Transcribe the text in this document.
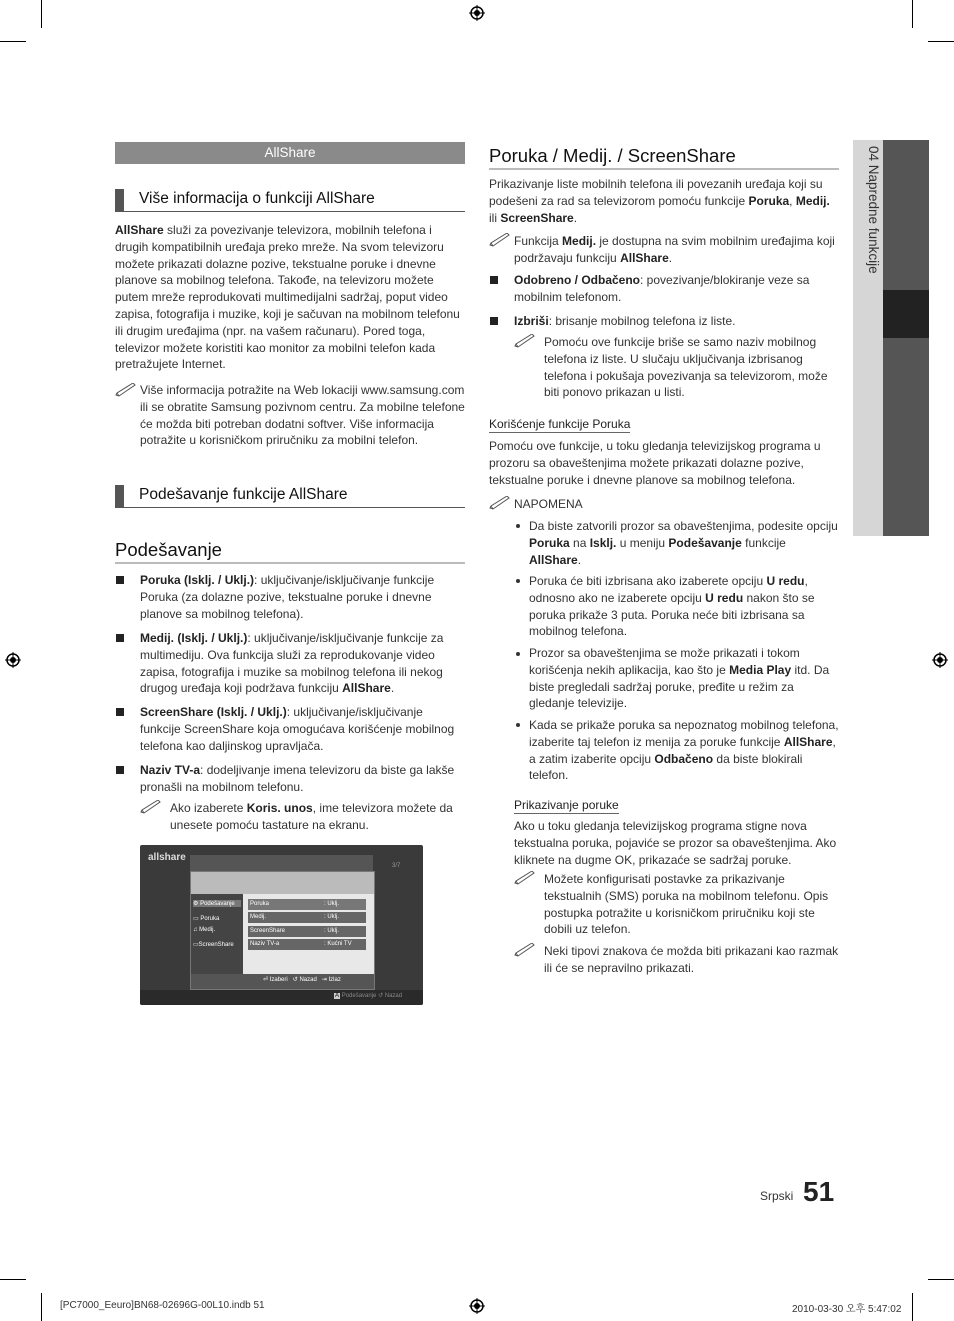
04 Napredne funkcije
AllShare
Više informacija o funkciji AllShare

AllShare služi za povezivanje televizora, mobilnih telefona i drugih kompatibilnih uređaja preko mreže. Na svom televizoru možete prikazati dolazne pozive, tekstualne poruke i dnevne planove sa mobilnog telefona. Takođe, na televizoru možete putem mreže reprodukovati multimedijalni sadržaj, poput video zapisa, fotografija i muzike, koji je sačuvan na mobilnom telefonu ili drugim uređajima (npr. na vašem računaru). Pored toga, televizor možete koristiti kao monitor za mobilni telefon kada pretražujete Internet.

Više informacija potražite na Web lokaciji www.samsung.com ili se obratite Samsung pozivnom centru. Za mobilne telefone će možda biti potreban dodatni softver. Više informacija potražite u korisničkom priručniku za mobilni telefon.

Podešavanje funkcije AllShare
Podešavanje

Poruka (Isklj. / Uklj.): uključivanje/isključivanje funkcije Poruka (za dolazne pozive, tekstualne poruke i dnevne planove sa mobilnog telefona).

Medij. (Isklj. / Uklj.): uključivanje/isključivanje funkcije za multimediju. Ova funkcija služi za reprodukovanje video zapisa, fotografija i muzike sa mobilnog telefona ili nekog drugog uređaja koji podržava funkciju AllShare.

ScreenShare (Isklj. / Uklj.): uključivanje/isključivanje funkcije ScreenShare koja omogućava korišćenje mobilnog telefona kao daljinskog upravljača.

Naziv TV-a: dodeljivanje imena televizoru da biste ga lakše pronašli na mobilnom telefonu.

Ako izaberete Koris. unos, ime televizora možete da unesete pomoću tastature na ekranu.

allshare
3/7
⚙ Podešavanje
▭ Poruka
♫ Medij.
▭ScreenShare
⏎ Izaberi ↺ Nazad ⇥ Izlaz
Poruka	: Uklj.
Medij.	: Uklj.
ScreenShare	: Uklj.
Naziv TV-a	: Kućni TV
A Podešavanje ↺ Nazad
Poruka / Medij. / ScreenShare

Prikazivanje liste mobilnih telefona ili povezanih uređaja koji su podešeni za rad sa televizorom pomoću funkcije Poruka, Medij. ili ScreenShare.

Funkcija Medij. je dostupna na svim mobilnim uređajima koji podržavaju funkciju AllShare.

Odobreno / Odbačeno: povezivanje/blokiranje veze sa mobilnim telefonom.

Izbriši: brisanje mobilnog telefona iz liste.

Pomoću ove funkcije briše se samo naziv mobilnog telefona iz liste. U slučaju uključivanja izbrisanog telefona i pokušaja povezivanja sa televizorom, može biti ponovo prikazan u listi.

Korišćenje funkcije Poruka

Pomoću ove funkcije, u toku gledanja televizijskog programa u prozoru sa obaveštenjima možete prikazati dolazne pozive, tekstualne poruke i dnevne planove sa mobilnog telefona.

NAPOMENA

Da biste zatvorili prozor sa obaveštenjima, podesite opciju Poruka na Isklj. u meniju Podešavanje funkcije AllShare.

Poruka će biti izbrisana ako izaberete opciju U redu, odnosno ako ne izaberete opciju U redu nakon što se poruka prikaže 3 puta. Poruka neće biti izbrisana sa mobilnog telefona.

Prozor sa obaveštenjima se može prikazati i tokom korišćenja nekih aplikacija, kao što je Media Play itd. Da biste pregledali sadržaj poruke, pređite u režim za gledanje televizije.

Kada se prikaže poruka sa nepoznatog mobilnog telefona, izaberite taj telefon iz menija za poruke funkcije AllShare, a zatim izaberite opciju Odbačeno da biste blokirali telefon.

Prikazivanje poruke

Ako u toku gledanja televizijskog programa stigne nova tekstualna poruka, pojaviće se prozor sa obaveštenjima. Ako kliknete na dugme OK, prikazaće se sadržaj poruke.

Možete konfigurisati postavke za prikazivanje tekstualnih (SMS) poruka na mobilnom telefonu. Opis postupka potražite u korisničkom priručniku koji ste dobili uz telefon.

Neki tipovi znakova će možda biti prikazani kao razmak ili će se nepravilno prikazati.

Srpski 51
[PC7000_Eeuro]BN68-02696G-00L10.indb 51	2010-03-30 오후 5:47:02
